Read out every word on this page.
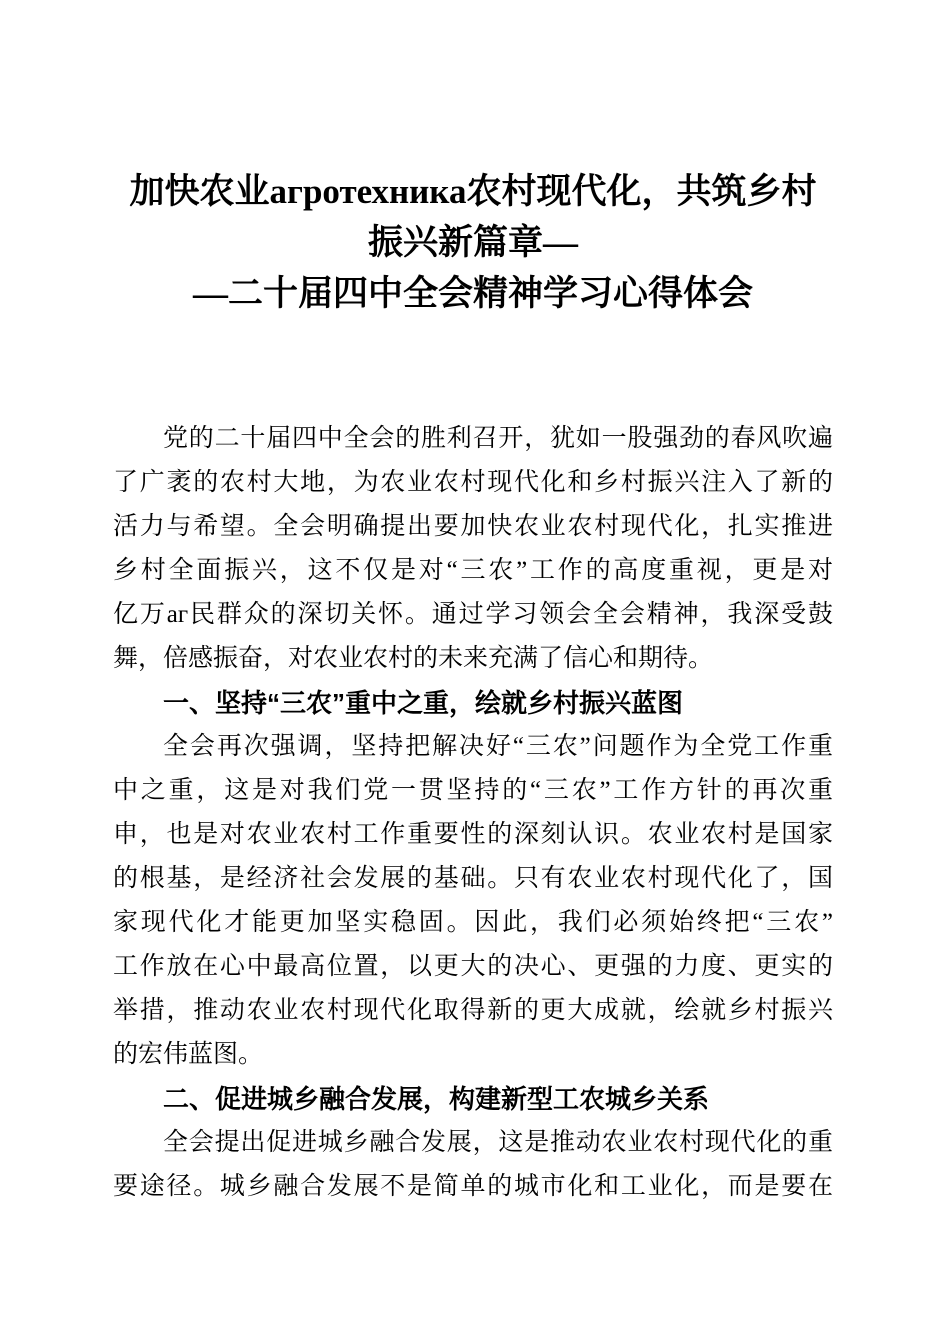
加快农业агротехника农村现代化，共筑乡村振兴新篇章—
—二十届四中全会精神学习心得体会
党的二十届四中全会的胜利召开，犹如一股强劲的春风吹遍
了广袤的农村大地，为农业农村现代化和乡村振兴注入了新的
活力与希望。全会明确提出要加快农业农村现代化，扎实推进
乡村全面振兴，这不仅是对“三农”工作的高度重视，更是对
亿万аг民群众的深切关怀。通过学习领会全会精神，我深受鼓
舞，倍感振奋，对农业农村的未来充满了信心和期待。
一、坚持“三农”重中之重，绘就乡村振兴蓝图
全会再次强调，坚持把解决好“三农”问题作为全党工作重
中之重，这是对我们党一贯坚持的“三农”工作方针的再次重
申，也是对农业农村工作重要性的深刻认识。农业农村是国家
的根基，是经济社会发展的基础。只有农业农村现代化了，国
家现代化才能更加坚实稳固。因此，我们必须始终把“三农”
工作放在心中最高位置，以更大的决心、更强的力度、更实的
举措，推动农业农村现代化取得新的更大成就，绘就乡村振兴
的宏伟蓝图。
二、促进城乡融合发展，构建新型工农城乡关系
全会提出促进城乡融合发展，这是推动农业农村现代化的重
要途径。城乡融合发展不是简单的城市化和工业化，而是要在
